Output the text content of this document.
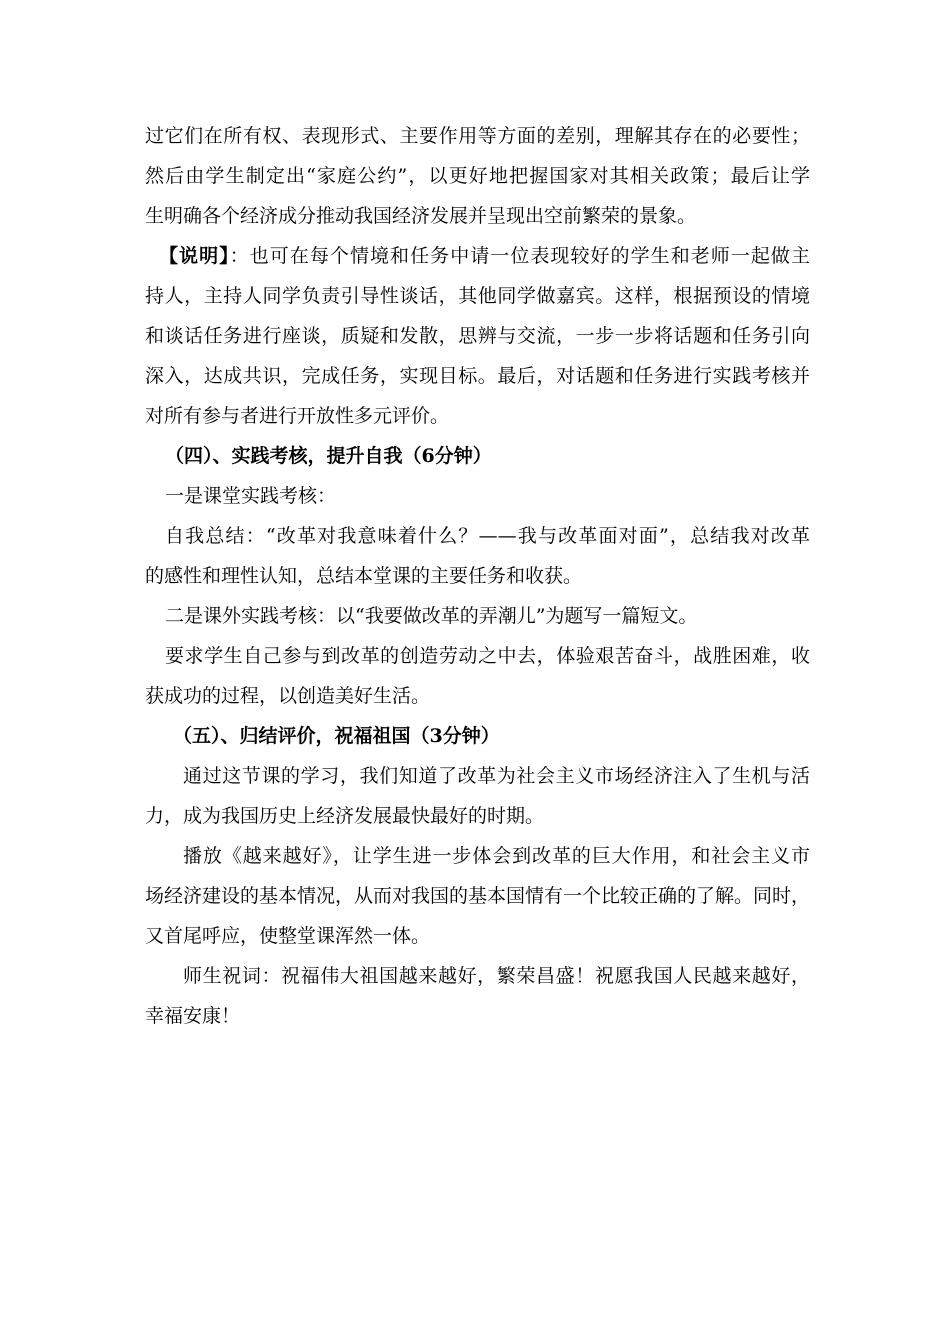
过它们在所有权、表现形式、主要作用等方面的差别，理解其存在的必要性；
然后由学生制定出“家庭公约”，以更好地把握国家对其相关政策；最后让学
生明确各个经济成分推动我国经济发展并呈现出空前繁荣的景象。
【说明】：也可在每个情境和任务中请一位表现较好的学生和老师一起做主
持人，主持人同学负责引导性谈话，其他同学做嘉宾。这样，根据预设的情境
和谈话任务进行座谈，质疑和发散，思辨与交流，一步一步将话题和任务引向
深入，达成共识，完成任务，实现目标。最后，对话题和任务进行实践考核并
对所有参与者进行开放性多元评价。
（四）、实践考核，提升自我（6分钟）
一是课堂实践考核：
自我总结：“改革对我意味着什么？——我与改革面对面”，总结我对改革
的感性和理性认知，总结本堂课的主要任务和收获。
二是课外实践考核：以“我要做改革的弄潮儿”为题写一篇短文。
要求学生自己参与到改革的创造劳动之中去，体验艰苦奋斗，战胜困难，收
获成功的过程，以创造美好生活。
（五）、归结评价，祝福祖国（3分钟）
通过这节课的学习，我们知道了改革为社会主义市场经济注入了生机与活
力，成为我国历史上经济发展最快最好的时期。
播放《越来越好》，让学生进一步体会到改革的巨大作用，和社会主义市
场经济建设的基本情况，从而对我国的基本国情有一个比较正确的了解。同时，
又首尾呼应，使整堂课浑然一体。
师生祝词：祝福伟大祖国越来越好，繁荣昌盛！祝愿我国人民越来越好，
幸福安康！
